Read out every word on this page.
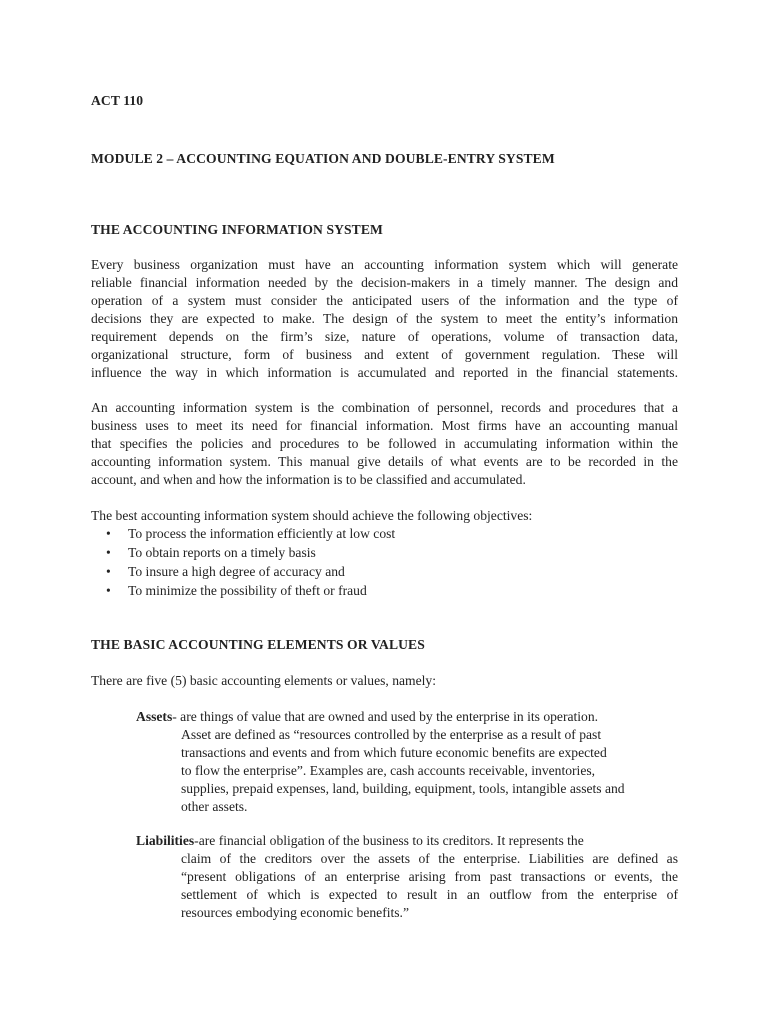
ACT 110

MODULE 2 – ACCOUNTING EQUATION AND DOUBLE-ENTRY SYSTEM

THE ACCOUNTING INFORMATION SYSTEM

Every business organization must have an accounting information system which will generate
reliable financial information needed by the decision-makers in a timely manner. The design and
operation of a system must consider the anticipated users of the information and the type of
decisions they are expected to make. The design of the system to meet the entity’s information
requirement depends on the firm’s size, nature of operations, volume of transaction data,
organizational structure, form of business and extent of government regulation. These will
influence the way in which information is accumulated and reported in the financial statements.
An accounting information system is the combination of personnel, records and procedures that a
business uses to meet its need for financial information. Most firms have an accounting manual
that specifies the policies and procedures to be followed in accumulating information within the
accounting information system. This manual give details of what events are to be recorded in the
account, and when and how the information is to be classified and accumulated.

The best accounting information system should achieve the following objectives:

• To process the information efficiently at low cost
• To obtain reports on a timely basis
• To insure a high degree of accuracy and
• To minimize the possibility of theft or fraud

THE BASIC ACCOUNTING ELEMENTS OR VALUES

There are five (5) basic accounting elements or values, namely:

Assets- are things of value that are owned and used by the enterprise in its operation.

Asset are defined as “resources controlled by the enterprise as a result of past
transactions and events and from which future economic benefits are expected
to flow the enterprise”. Examples are, cash accounts receivable, inventories,
supplies, prepaid expenses, land, building, equipment, tools, intangible assets and
other assets.

Liabilities-are financial obligation of the business to its creditors. It represents the

claim of the creditors over the assets of the enterprise. Liabilities are defined as
“present obligations of an enterprise arising from past transactions or events, the
settlement of which is expected to result in an outflow from the enterprise of
resources embodying economic benefits.”
